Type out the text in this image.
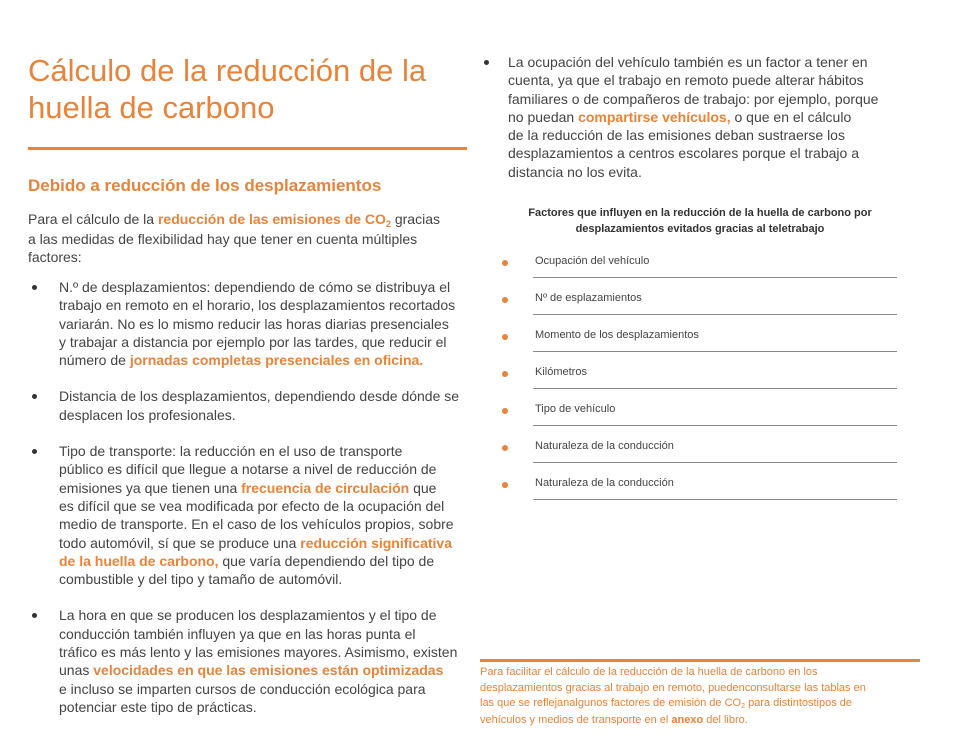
Cálculo de la reducción de la
huella de carbono
Debido a reducción de los desplazamientos

Para el cálculo de la reducción de las emisiones de $CO_2$ gracias
a las medidas de flexibilidad hay que tener en cuenta múltiples
factores:

N.º de desplazamientos: dependiendo de cómo se distribuya el
trabajo en remoto en el horario, los desplazamientos recortados
variarán. No es lo mismo reducir las horas diarias presenciales
y trabajar a distancia por ejemplo por las tardes, que reducir el
número de jornadas completas presenciales en oficina.
Distancia de los desplazamientos, dependiendo desde dónde se
desplacen los profesionales.
Tipo de transporte: la reducción en el uso de transporte
público es difícil que llegue a notarse a nivel de reducción de
emisiones ya que tienen una frecuencia de circulación que
es difícil que se vea modificada por efecto de la ocupación del
medio de transporte. En el caso de los vehículos propios, sobre
todo automóvil, sí que se produce una reducción significativa
de la huella de carbono, que varía dependiendo del tipo de
combustible y del tipo y tamaño de automóvil.
La hora en que se producen los desplazamientos y el tipo de
conducción también influyen ya que en las horas punta el
tráfico es más lento y las emisiones mayores. Asimismo, existen
unas velocidades en que las emisiones están optimizadas
e incluso se imparten cursos de conducción ecológica para
potenciar este tipo de prácticas.

La ocupación del vehículo también es un factor a tener en
cuenta, ya que el trabajo en remoto puede alterar hábitos
familiares o de compañeros de trabajo: por ejemplo, porque
no puedan compartirse vehículos, o que en el cálculo
de la reducción de las emisiones deban sustraerse los
desplazamientos a centros escolares porque el trabajo a
distancia no los evita.

Factores que influyen en la reducción de la huella de carbono por
desplazamientos evitados gracias al teletrabajo

Ocupación del vehículo
Nº de esplazamientos
Momento de los desplazamientos
Kilómetros
Tipo de vehículo
Naturaleza de la conducción
Naturaleza de la conducción

Para facilitar el cálculo de la reducción de la huella de carbono en los
desplazamientos gracias al trabajo en remoto, puedenconsultarse las tablas en
las que se reflejanalgunos factores de emisión de CO2 para distintostipos de
vehículos y medios de transporte en el anexo del libro.
